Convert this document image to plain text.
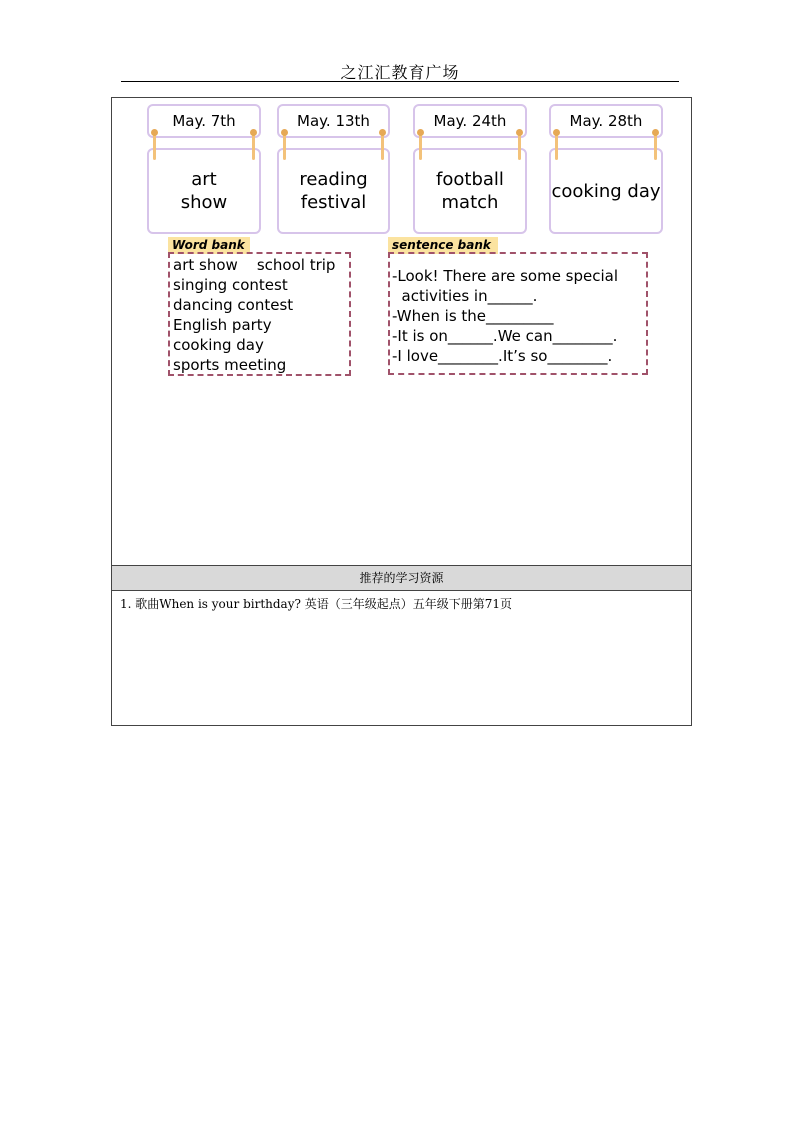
之江汇教育广场
May. 7th
art
show
May. 13th
reading
festival
May. 24th
football
match
May. 28th
cooking day
Word bank
art show    school trip
singing contest
dancing contest
English party
cooking day
sports meeting
sentence bank
-Look! There are some special
activities in______.
-When is the_________
-It is on______.We can________.
-I love________.It’s so________.
推荐的学习资源
1. 歌曲When is your birthday? 英语（三年级起点）五年级下册第71页
